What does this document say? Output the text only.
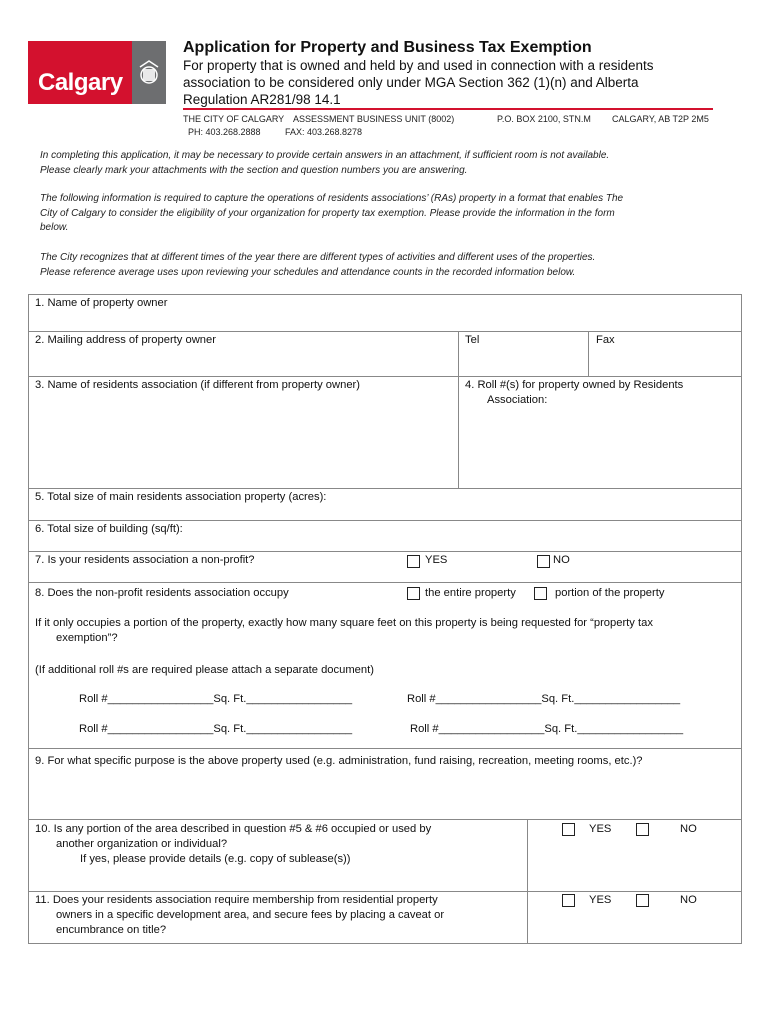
Calgary
Application for Property and Business Tax Exemption
For property that is owned and held by and used in connection with a residents
association to be considered only under MGA Section 362 (1)(n) and Alberta
Regulation AR281/98 14.1
THE CITY OF CALGARY ASSESSMENT BUSINESS UNIT (8002)	P.O. BOX 2100, STN.M CALGARY, AB T2P 2M5
PH: 403.268.2888	FAX: 403.268.8278
In completing this application, it may be necessary to provide certain answers in an attachment, if sufficient room is not available.
Please clearly mark your attachments with the section and question numbers you are answering.
The following information is required to capture the operations of residents associations’ (RAs) property in a format that enables The
City of Calgary to consider the eligibility of your organization for property tax exemption. Please provide the information in the form
below.
The City recognizes that at different times of the year there are different types of activities and different uses of the properties.
Please reference average uses upon reviewing your schedules and attendance counts in the recorded information below.
1. Name of property owner
2. Mailing address of property owner	Tel	Fax
3. Name of residents association (if different from property owner)	4. Roll #(s) for property owned by Residents
Association:
5. Total size of main residents association property (acres):
6. Total size of building (sq/ft):
7. Is your residents association a non-profit?	YES	NO
8. Does the non-profit residents association occupy	the entire property	portion of the property
If it only occupies a portion of the property, exactly how many square feet on this property is being requested for “property tax
exemption”?
(If additional roll #s are required please attach a separate document)
Roll #_________________Sq. Ft._________________	Roll #_________________Sq. Ft._________________
Roll #_________________Sq. Ft._________________	Roll #_________________Sq. Ft._________________
9. For what specific purpose is the above property used (e.g. administration, fund raising, recreation, meeting rooms, etc.)?
10. Is any portion of the area described in question #5 & #6 occupied or used by
another organization or individual?
If yes, please provide details (e.g. copy of sublease(s))
YES	NO
11. Does your residents association require membership from residential property
owners in a specific development area, and secure fees by placing a caveat or
encumbrance on title?
YES	NO
